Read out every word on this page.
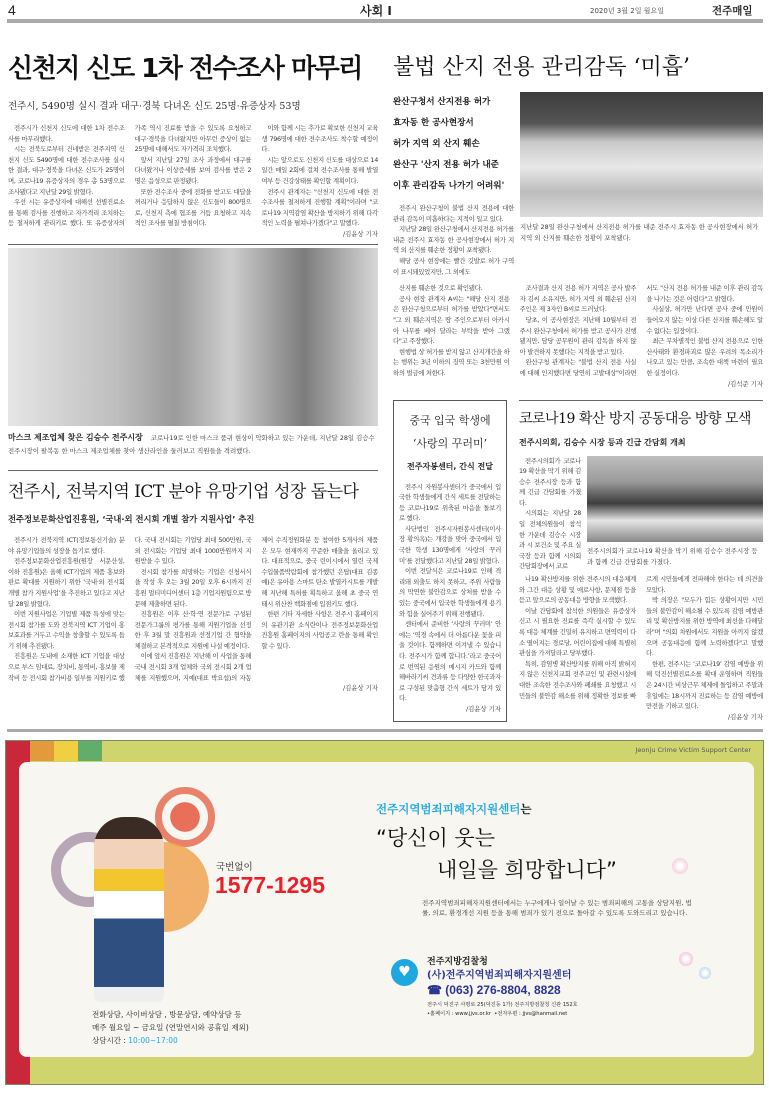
4	사회 I	2020년 3월 2일 월요일	전주매일
신천지 신도 1차 전수조사 마무리
전주시, 5490명 실시 결과 대구·경북 다녀온 신도 25명·유증상자 53명

전주시가 신천지 신도에 대한 1차 전수조사를 마무리했다.

시는 전북도로부터 건네받은 전주지역 신천지 신도 5490명에 대한 전수조사를 실시한 결과, 대구·경북을 다녀온 신도가 25명이며, 코로나19 유증상자의 경우 총 53명으로 조사됐다고 지난달 29일 밝혔다.

우선 시는 유증상자에 대해선 선별진료소를 통해 검사를 진행하고 자가격리 조치하는 등 철저하게 관리키로 했다. 또 유증상자의 가족 역시 진료를 받을 수 있도록 요청하고 대구·경북을 다녀왔지만 아무런 증상이 없는 25명에 대해서도 자가격리 조치했다.

앞서 지난달 27일 조사 과정에서 대구를 다녀왔거나 이상증세를 보여 검사를 받은 2명은 음성으로 판정됐다.

또한 전수조사 중에 전화를 받고도 대답을 꺼리거나 응답하지 않은 신도들이 800명으로, 신천지 측에 협조를 거듭 요청하고 지속적인 조사를 펼칠 방침이다.

이와 함께 시는 추가로 확보한 신천지 교육생 796명에 대한 전수조사도 착수할 예정이다.

시는 앞으로도 신천지 신도를 대상으로 14일간 매일 2회에 걸쳐 전수조사를 통해 발열 여부 등 건강상태를 확인할 계획이다.

전주시 관계자는 "신천지 신도에 대한 전수조사를 철저하게 진행할 계획"이라며 "코로나19 지역감염 확산을 방지하기 위해 다각적인 노력을 펼쳐나가겠다"고 말했다.

/김윤상 기자
마스크 제조업체 찾은 김승수 전주시장 코로나19로 인한 마스크 품귀 현상이 악화하고 있는 가운데, 지난달 28일 김승수 전주시장이 팔복동 한 마스크 제조업체를 찾아 생산라인을 둘러보고 직원들을 격려했다.
전주시, 전북지역 ICT 분야 유망기업 성장 돕는다
전주정보문화산업진흥원, ‘국내·외 전시회 개별 참가 지원사업’ 추진

전주시가 전북지역 ICT(정보통신기술) 분야 유망기업들의 성장을 돕기로 했다.

전주정보문화산업진흥원(원장 서문산성, 이하 진흥원)은 올해 ICT기업의 제품 홍보와 판로 확대를 지원하기 위한 ‘국내·외 전시회 개별 참가 지원사업’을 추진하고 있다고 지난달 28일 밝혔다.

이번 지원사업은 기업별 제품 특성에 맞는 전시회 참가를 도와 전북지역 ICT 기업이 홍보효과를 거두고 수익을 창출할 수 있도록 돕기 위해 추진됐다.

진흥원은 도내에 소재한 ICT 기업을 대상으로 부스 임대료, 장치비, 통역비, 홍보물 제작비 등 전시회 참가비용 일부를 지원키로 했다. 국내 전시회는 기업당 최대 500만원, 국외 전시회는 기업당 최대 1000만원까지 지원받을 수 있다.

전시회 참가를 희망하는 기업은 신청서식을 작성 후 오는 3월 20일 오후 6시까지 진흥원 멀티미디어센터 1층 기업지원팀으로 방문해 제출하면 된다.

진흥원은 이후 산·학·연 전문가로 구성된 전문가그룹의 평가를 통해 지원기업을 선정한 후 3월 말 진흥원과 선정기업 간 협약을 체결하고 본격적으로 지원에 나설 예정이다.

이에 앞서 진흥원은 지난해 이 사업을 통해 국내 전시회 3개 업체와 국외 전시회 2개 업체를 지원했으며, 지예(대표 박요섭)의 자동제어 수직정원화분 등 참여한 5개사의 제품은 모두 현재까지 꾸준한 매출을 올리고 있다. 대표적으로, 중국 린이시에서 열린 국제수입물품박람회에 참가했던 은탑(대표 김종예)은 유아용 스마트 탄소 발열카시트를 개발해 지난해 특허를 획득하고 올해 초 중국 연태시 위산찬 백화점에 입점키도 했다.

한편 기타 자세한 사항은 전주시 홈페이지의 유관기관 소식란이나 전주정보문화산업진흥원 홈페이지의 사업공고 란을 통해 확인할 수 있다.

/김윤상 기자
불법 산지 전용 관리감독 ‘미흡’
완산구청서 산지전용 허가
효자동 한 공사현장서
허가 지역 외 산지 훼손
완산구 '산지 전용 허가 내준
이후 관리감독 나가기 어려워'

전주시 완산구청이 불법 산지 전용에 대한 관리 감독이 미흡하다는 지적이 일고 있다.

지난달 28일 완산구청에서 산지전용 허가를 내준 전주시 효자동 한 공사현장에서 허가 지역 외 산지를 훼손한 정황이 포착됐다.

해당 공사 현장에는 빨간 깃발로 허가 구역이 표시돼있었지만, 그 외에도

지난달 28일 완산구청에서 산지전용 허가를 내준 전주시 효자동 한 공사현장에서 허가 지역 외 산지를 훼손한 정황이 포착됐다.

산지를 훼손한 것으로 확인됐다.

공사 현장 관계자 A씨는 "해당 산지 전용은 완산구청으로부터 허가를 받았다"면서도 "그 외 훼손지역은 땅 주인으로부터 아카시아 나무를 베어 달라는 부탁을 받아 그랬다"고 주장했다.

현행법 상 허가를 받지 않고 산지개간을 하는 행위는 3년 이하의 징역 또는 3천만원 이하의 벌금에 처한다.

조사결과 산지 전용 허가 지역은 공사 발주자 김씨 소유지만, 허가 지역 외 훼손된 산지 주인은 제 3자인 B씨로 드러났다.

당초, 이 공사현장은 지난해 10월부터 전주시 완산구청에서 허가를 받고 공사가 진행됐지만, 담당 공무원이 관리 감독을 하지 않아 발견하지 못했다는 지적을 받고 있다.

완산구청 관계자는 "불법 산지 전용 사실에 대해 인지했다면 당연히 고발대상"이라면서도 "산지 전용 허가를 내준 이후 관리 감독을 나가는 것은 어렵다"고 밝혔다.

사실상, 허가만 난다면 공사 중에 민원이 들어오지 않는 이상 다른 산지를 훼손해도 알 수 없다는 입장이다.

최근 무차별적인 불법 산지 전용으로 인한 산사태와 환경파괴로 많은 우려의 목소리가 나오고 있는 만큼, 조속한 대책 마련이 필요한 실정이다.

/김석준 기자
중국 입국 학생에
‘사랑의 꾸러미’
전주자봉센터, 간식 전달

전주시 자원봉사센터가 중국에서 입국한 학생들에게 간식 세트를 전달하는 등 코로나19로 위축된 마음을 돌보기로 했다.

사단법인 전주시자원봉사센터(이사장 황의옥)는 개강을 맞아 중국에서 입국한 학생 130명에게 ‘사랑의 꾸러미’를 전달했다고 지난달 28일 밝혔다.

이번 전달식은 코로나19로 인해 격리돼 외출도 하지 못하고, 주위 사람들의 막연한 불안감으로 상처를 받을 수 있는 중국에서 입국한 학생들에게 용기와 힘을 실어주기 위해 진행됐다.

센터에서 준비한 ‘사랑의 꾸러미’ 안에는 ‘역경 속에서 더 아름다운 꽃을 피울 것이다. 함께하면 이겨낼 수 있습니다. 전주시가 함께 합니다.’라고 중국어로 번역된 응원의 메시지 카드와 함께 해바라기씨 견과류 등 다양한 한국과자로 구성된 맞춤형 간식 세트가 담겨 있다.

/김윤상 기자
코로나19 확산 방지 공동대응 방향 모색
전주시의회, 김승수 시장 등과 긴급 간담회 개최

전주시의회가 코로나19 확산을 막기 위해 김승수 전주시장 등과 함께 긴급 간담회를 가졌다.

시의회는 지난달 28일 전체의원들이 참석한 가운데 김승수 시장과 시 보건소 및 주요 실국장 등과 함께 시의회 간담회장에서 코로

전주시의회가 코로나19 확산을 막기 위해 김승수 전주시장 등과 함께 긴급 간담회를 가졌다.

나19 확산방지를 위한 전주시의 대응체계와 그간 대응 상황 및 애로사항, 문제점 등을 듣고 앞으로의 공동대응 방향을 모색했다.

이날 간담회에 참석한 의원들은 유증상자 신고 시 필요한 진료를 즉각 실시할 수 있도록 대응 체계를 긴밀히 유지하고 면역력이 다소 떨어지는 경로당, 어린이집에 대해 특별히 관심을 가져달라고 당부했다.

특히, 감염병 확산방지를 위해 아직 밝혀지지 않은 신천지교회 전주교인 및 관련시설에 대한 조속한 전수조사와 폐쇄를 요청했고 시민들의 불안감 해소를 위해 정확한 정보를 빠르게 시민들에게 전파해야 한다는 데 의견을 모았다.

박 의장은 "모두가 힘든 상황이지만 시민들의 불안감이 해소될 수 있도록 감염 예방관리 및 확산방지를 위한 방역에 최선을 다해달라"며 "의회 차원에서도 지원을 아끼지 않겠으며 공동대응에 함께 노력하겠다"고 말했다.

한편, 전주시는 ‘코로나19’ 감염 예방을 위해 덕진선별진료소를 확대 운영하며 직원들은 24시간 비상근무 체제에 돌입하고 주말과 휴일에는 18시까지 진료하는 등 감염 예방에 만전을 기하고 있다.

/김윤상 기자
Jeonju Crime Victim Support Center
국번없이
1577-1295
전화상담, 사이버상담 , 방문상담, 예약상담 등
매주 월요일 ~ 금요일 (연말연시와 공휴일 제외)
상담시간 : 10:00~17:00
전주지역범죄피해자지원센터는
“당신이 웃는
내일을 희망합니다”
전주지역범죄피해자지원센터에서는 누구에게나 일어날 수 있는 범죄피해의 고통을 상담지원, 법률, 의료, 환경개선 지원 등을 통해 범죄가 있기 전으로 돌아갈 수 있도록 도와드리고 있습니다.
♥
전주지방검찰청
(사)전주지역범죄피해자지원센터
☎ (063) 276-8804, 8828
전주시 덕진구 사평로 25(덕진동 1가) 전주지방검찰청 신관 152호
•홈페이지 : www.jjvs.or.kr •전자우편 : jjvs@hanmail.net
